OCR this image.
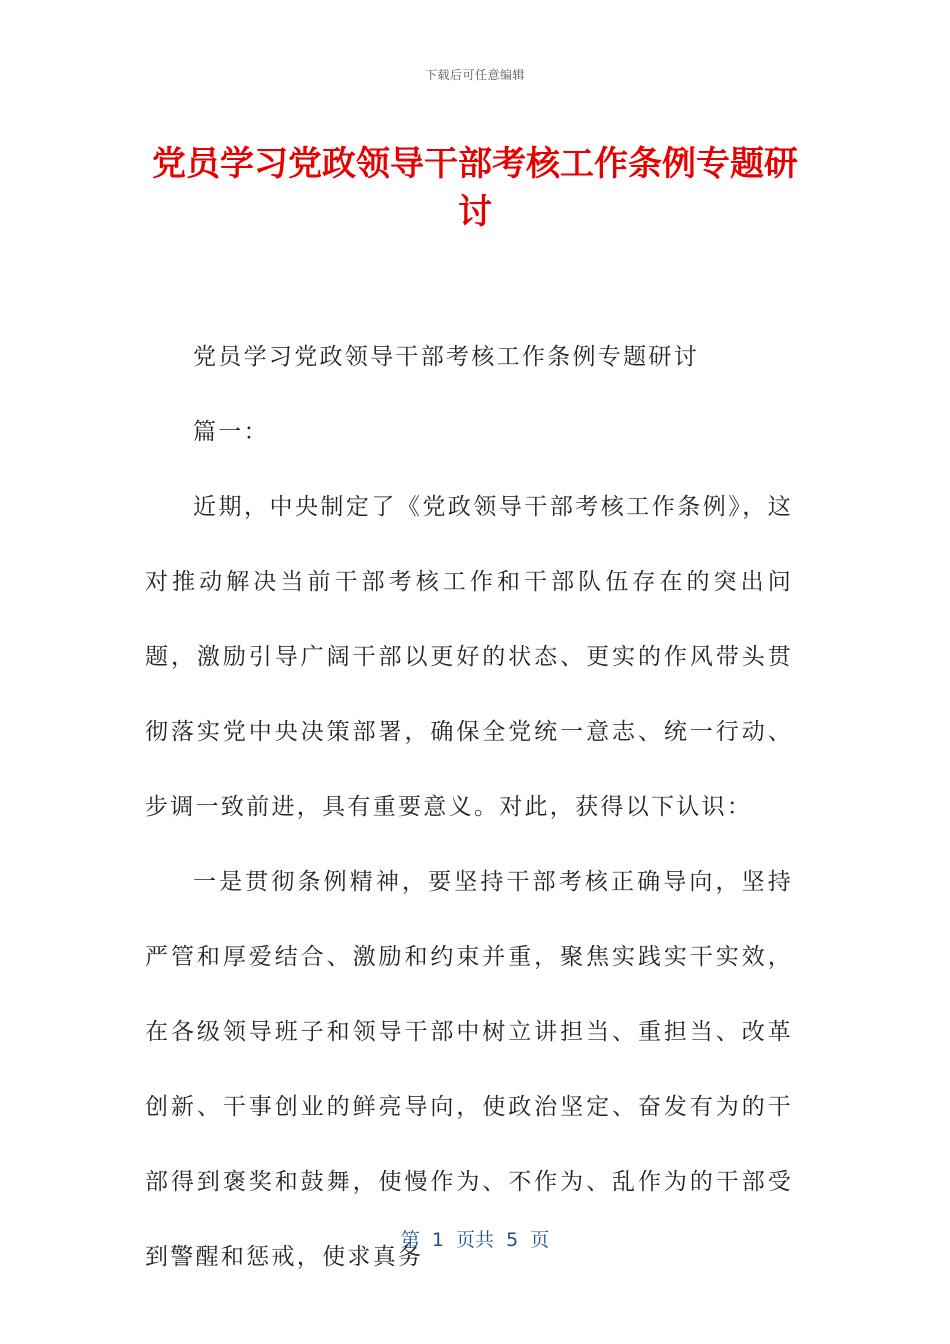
下载后可任意编辑
党员学习党政领导干部考核工作条例专题研讨

党员学习党政领导干部考核工作条例专题研讨

篇一：

近期，中央制定了《党政领导干部考核工作条例》，这对推动解决当前干部考核工作和干部队伍存在的突出问题，激励引导广阔干部以更好的状态、更实的作风带头贯彻落实党中央决策部署，确保全党统一意志、统一行动、步调一致前进，具有重要意义。对此，获得以下认识：

一是贯彻条例精神，要坚持干部考核正确导向，坚持严管和厚爱结合、激励和约束并重，聚焦实践实干实效，在各级领导班子和领导干部中树立讲担当、重担当、改革创新、干事创业的鲜亮导向，使政治坚定、奋发有为的干部得到褒奖和鼓舞，使慢作为、不作为、乱作为的干部受到警醒和惩戒，使求真务

第  1  页共  5  页
